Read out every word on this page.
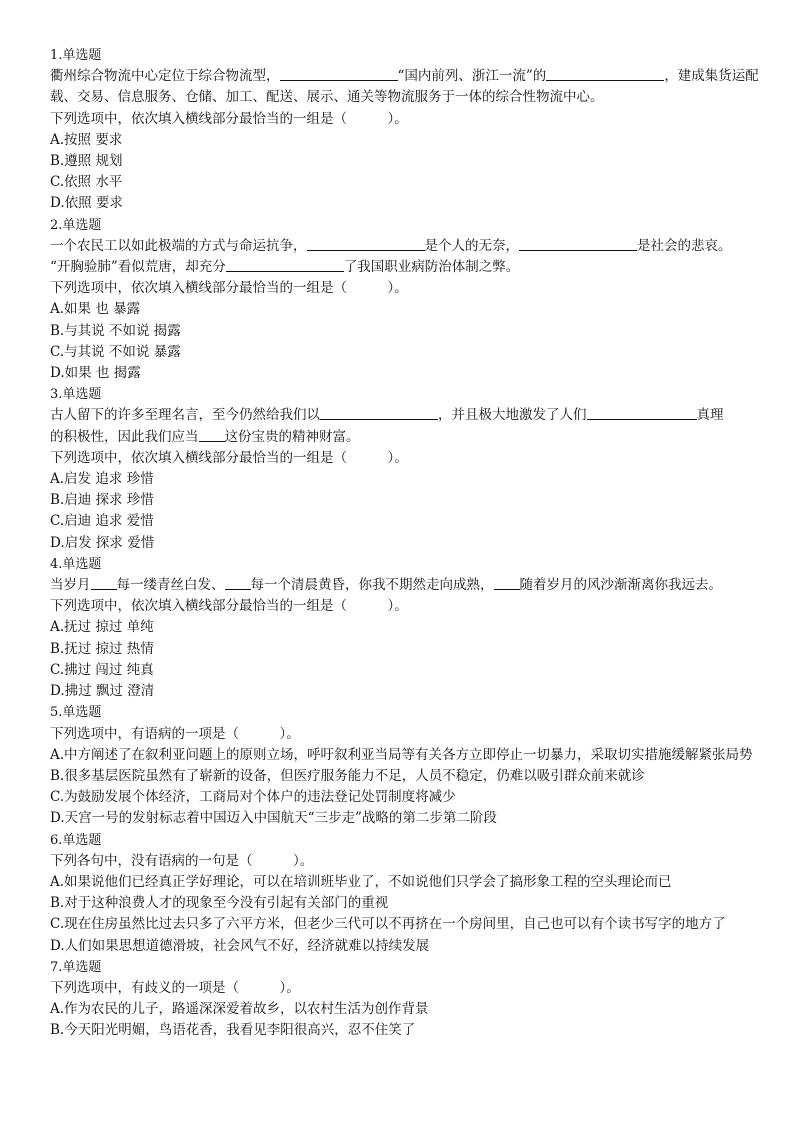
1.单选题
衢州综合物流中心定位于综合物流型，	“国内前列、浙江一流”的	，建成集货运配载、交易、信息服务、仓储、加工、配送、展示、通关等物流服务于一体的综合性物流中心。
下列选项中，依次填入横线部分最恰当的一组是（　　　）。
A.按照 要求
B.遵照 规划
C.依照 水平
D.依照 要求
2.单选题
一个农民工以如此极端的方式与命运抗争，	是个人的无奈，	是社会的悲哀。
“开胸验肺”看似荒唐，却充分	了我国职业病防治体制之弊。
下列选项中，依次填入横线部分最恰当的一组是（　　　）。
A.如果 也 暴露
B.与其说 不如说 揭露
C.与其说 不如说 暴露
D.如果 也 揭露
3.单选题
古人留下的许多至理名言，至今仍然给我们以	，并且极大地激发了人们	真理
的积极性，因此我们应当 这份宝贵的精神财富。
下列选项中，依次填入横线部分最恰当的一组是（　　　）。
A.启发 追求 珍惜
B.启迪 探求 珍惜
C.启迪 追求 爱惜
D.启发 探求 爱惜
4.单选题
当岁月 每一缕青丝白发、 每一个清晨黄昏，你我不期然走向成熟， 随着岁月的风沙渐渐离你我远去。
下列选项中，依次填入横线部分最恰当的一组是（　　　）。
A.抚过 掠过 单纯
B.抚过 掠过 热情
C.拂过 闯过 纯真
D.拂过 飘过 澄清
5.单选题
下列选项中，有语病的一项是（　　　）。
A.中方阐述了在叙利亚问题上的原则立场，呼吁叙利亚当局等有关各方立即停止一切暴力，采取切实措施缓解紧张局势
B.很多基层医院虽然有了崭新的设备，但医疗服务能力不足，人员不稳定，仍难以吸引群众前来就诊
C.为鼓励发展个体经济，工商局对个体户的违法登记处罚制度将减少
D.天宫一号的发射标志着中国迈入中国航天“三步走”战略的第二步第二阶段
6.单选题
下列各句中，没有语病的一句是（　　　）。
A.如果说他们已经真正学好理论，可以在培训班毕业了，不如说他们只学会了搞形象工程的空头理论而已
B.对于这种浪费人才的现象至今没有引起有关部门的重视
C.现在住房虽然比过去只多了六平方米，但老少三代可以不再挤在一个房间里，自己也可以有个读书写字的地方了
D.人们如果思想道德滑坡，社会风气不好，经济就难以持续发展
7.单选题
下列选项中，有歧义的一项是（　　　）。
A.作为农民的儿子，路遥深深爱着故乡，以农村生活为创作背景
B.今天阳光明媚，鸟语花香，我看见李阳很高兴，忍不住笑了
